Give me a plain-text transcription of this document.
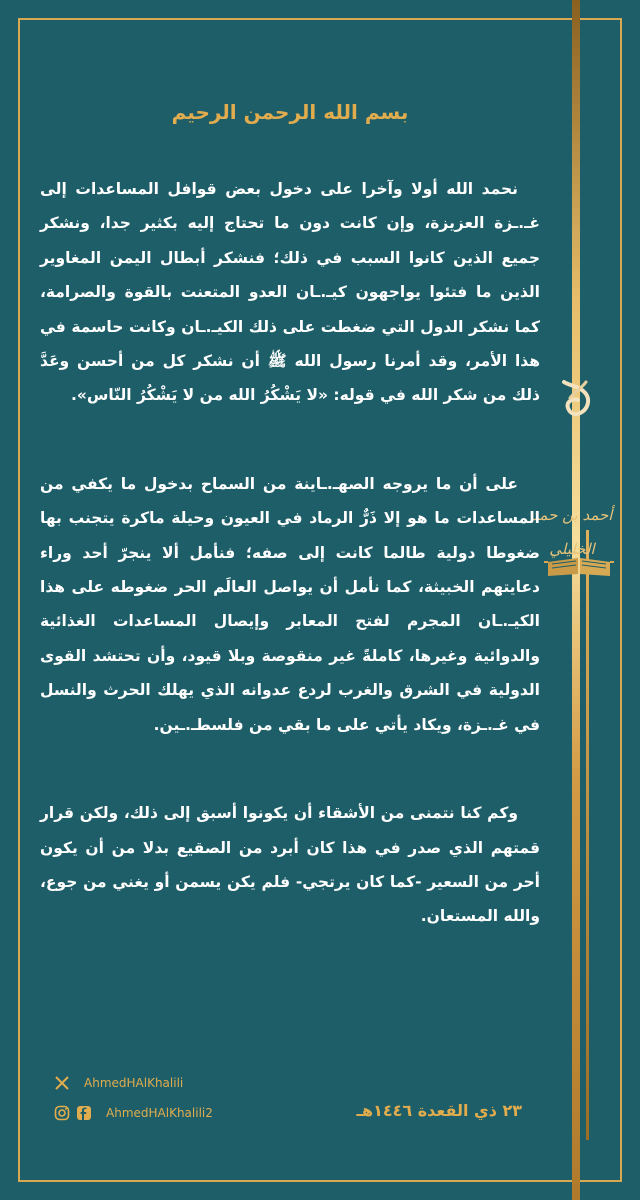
أحمد بن حمد الخليلي
بسم الله الرحمن الرحيم

نحمد الله أولا وآخرا على دخول بعض قوافل المساعدات إلى غـ.ـزة العزيزة، وإن كانت دون ما تحتاج إليه بكثير جدا، ونشكر جميع الذين كانوا السبب في ذلك؛ فنشكر أبطال اليمن المغاوير الذين ما فتئوا يواجهون كيـ.ـان العدو المتعنت بالقوة والصرامة، كما نشكر الدول التي ضغطت على ذلك الكيـ.ـان وكانت حاسمة في هذا الأمر، وقد أمرنا رسول الله ﷺ أن نشكر كل من أحسن وعَدَّ ذلك من شكر الله في قوله: «لا يَشْكُرُ الله من لا يَشْكُرُ النّاس».

على أن ما يروجه الصهـ.ـاينة من السماح بدخول ما يكفي من المساعدات ما هو إلا ذَرٌّ الرماد في العيون وحيلة ماكرة يتجنب بها ضغوطا دولية طالما كانت إلى صفه؛ فنأمل ألا ينجرّ أحد وراء دعايتهم الخبيثة، كما نأمل أن يواصل العالَم الحر ضغوطه على هذا الكيـ.ـان المجرم لفتح المعابر وإيصال المساعدات الغذائية والدوائية وغيرها، كاملةً غير منقوصة وبلا قيود، وأن تحتشد القوى الدولية في الشرق والغرب لردع عدوانه الذي يهلك الحرث والنسل في غـ.ـزة، ويكاد يأتي على ما بقي من فلسطـ.ـين.

وكم كنا نتمنى من الأشقاء أن يكونوا أسبق إلى ذلك، ولكن قرار قمتهم الذي صدر في هذا كان أبرد من الصقيع بدلا من أن يكون أحر من السعير -كما كان يرتجي- فلم يكن يسمن أو يغني من جوع، والله المستعان.

٢٣ ذي القعدة ١٤٤٦هـ
AhmedHAlKhalili
AhmedHAlKhalili2
